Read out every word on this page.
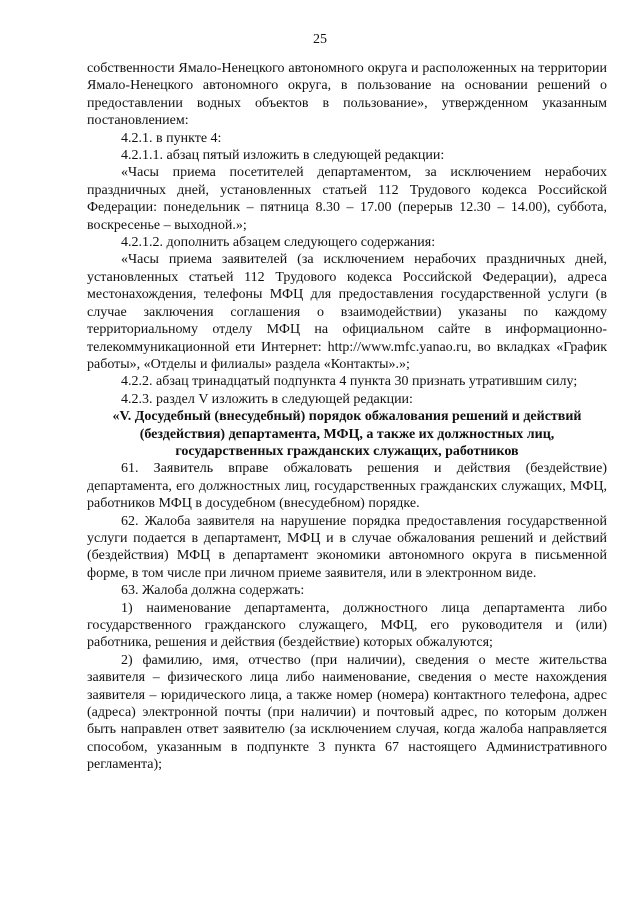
25

собственности Ямало-Ненецкого автономного округа и расположенных на территории Ямало-Ненецкого автономного округа, в пользование на основании решений о предоставлении водных объектов в пользование», утвержденном указанным постановлением:

4.2.1. в пункте 4:

4.2.1.1. абзац пятый изложить в следующей редакции:

«Часы приема посетителей департаментом, за исключением нерабочих праздничных дней, установленных статьей 112 Трудового кодекса Российской Федерации: понедельник – пятница 8.30 – 17.00 (перерыв 12.30 – 14.00), суббота, воскресенье – выходной.»;

4.2.1.2. дополнить абзацем следующего содержания:

«Часы приема заявителей (за исключением нерабочих праздничных дней, установленных статьей 112 Трудового кодекса Российской Федерации), адреса местонахождения, телефоны МФЦ для предоставления государственной услуги (в случае заключения соглашения о взаимодействии) указаны по каждому территориальному отделу МФЦ на официальном сайте в информационно-телекоммуникационной ети Интернет: http://www.mfc.yanao.ru, во вкладках «График работы», «Отделы и филиалы» раздела «Контакты».»;

4.2.2. абзац тринадцатый подпункта 4 пункта 30 признать утратившим силу;

4.2.3. раздел V изложить в следующей редакции:

«V. Досудебный (внесудебный) порядок обжалования решений и действий (бездействия) департамента, МФЦ, а также их должностных лиц, государственных гражданских служащих, работников

61. Заявитель вправе обжаловать решения и действия (бездействие) департамента, его должностных лиц, государственных гражданских служащих, МФЦ, работников МФЦ в досудебном (внесудебном) порядке.

62. Жалоба заявителя на нарушение порядка предоставления государственной услуги подается в департамент, МФЦ и в случае обжалования решений и действий (бездействия) МФЦ в департамент экономики автономного округа в письменной форме, в том числе при личном приеме заявителя, или в электронном виде.

63. Жалоба должна содержать:

1) наименование департамента, должностного лица департамента либо государственного гражданского служащего, МФЦ, его руководителя и (или) работника, решения и действия (бездействие) которых обжалуются;

2) фамилию, имя, отчество (при наличии), сведения о месте жительства заявителя – физического лица либо наименование, сведения о месте нахождения заявителя – юридического лица, а также номер (номера) контактного телефона, адрес (адреса) электронной почты (при наличии) и почтовый адрес, по которым должен быть направлен ответ заявителю (за исключением случая, когда жалоба направляется способом, указанным в подпункте 3 пункта 67 настоящего Административного регламента);
